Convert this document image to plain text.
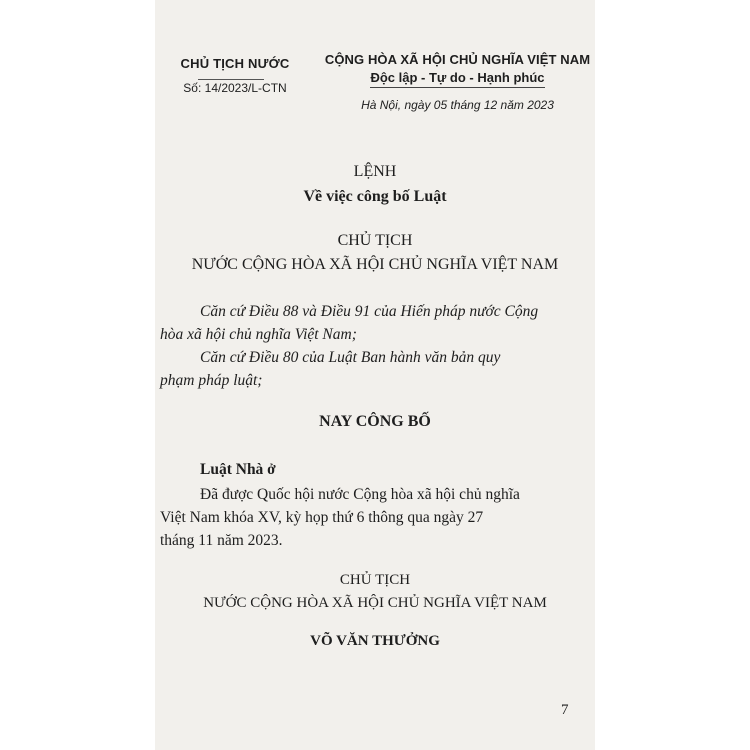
CHỦ TỊCH NƯỚC
Số: 14/2023/L-CTN
CỘNG HÒA XÃ HỘI CHỦ NGHĨA VIỆT NAM
Độc lập - Tự do - Hạnh phúc
Hà Nội, ngày 05 tháng 12 năm 2023
LỆNH
Về việc công bố Luật
CHỦ TỊCH
NƯỚC CỘNG HÒA XÃ HỘI CHỦ NGHĨA VIỆT NAM
Căn cứ Điều 88 và Điều 91 của Hiến pháp nước Cộng
hòa xã hội chủ nghĩa Việt Nam;
Căn cứ Điều 80 của Luật Ban hành văn bản quy
phạm pháp luật;
NAY CÔNG BỐ
Luật Nhà ở
Đã được Quốc hội nước Cộng hòa xã hội chủ nghĩa
Việt Nam khóa XV, kỳ họp thứ 6 thông qua ngày 27
tháng 11 năm 2023.
CHỦ TỊCH
NƯỚC CỘNG HÒA XÃ HỘI CHỦ NGHĨA VIỆT NAM
VÕ VĂN THƯỞNG
7
